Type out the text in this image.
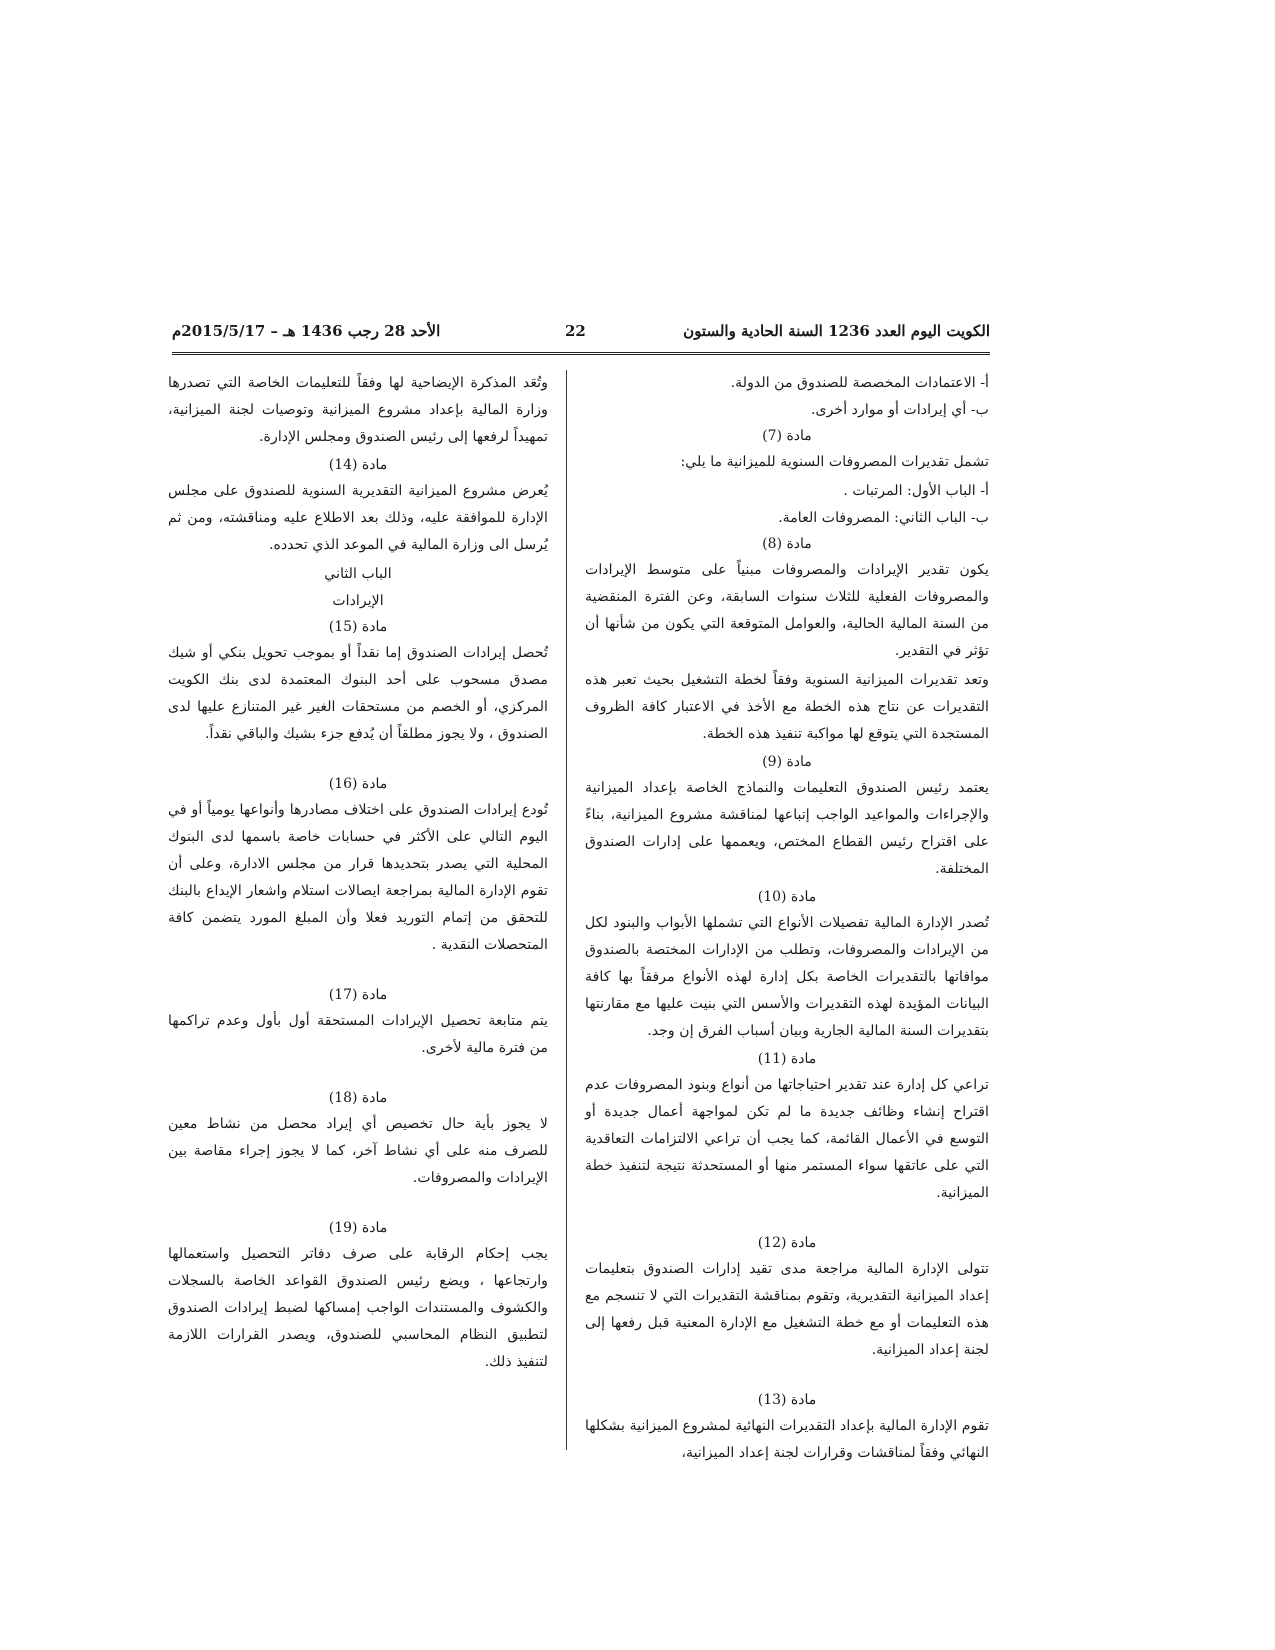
الكويت اليوم العدد 1236 السنة الحادية والستون
22
الأحد 28 رجب 1436 هـ – 2015/5/17م

أ- الاعتمادات المخصصة للصندوق من الدولة.

ب- أي إيرادات أو موارد أخرى.

مادة (7)

تشمل تقديرات المصروفات السنوية للميزانية ما يلي:

أ- الباب الأول: المرتبات .

ب- الباب الثاني: المصروفات العامة.

مادة (8)

يكون تقدير الإيرادات والمصروفات مبنياً على متوسط الإيرادات والمصروفات الفعلية للثلاث سنوات السابقة، وعن الفترة المنقضية من السنة المالية الحالية، والعوامل المتوقعة التي يكون من شأنها أن تؤثر في التقدير.

وتعد تقديرات الميزانية السنوية وفقاً لخطة التشغيل بحيث تعبر هذه التقديرات عن نتاج هذه الخطة مع الأخذ في الاعتبار كافة الظروف المستجدة التي يتوقع لها مواكبة تنفيذ هذه الخطة.

مادة (9)

يعتمد رئيس الصندوق التعليمات والنماذج الخاصة بإعداد الميزانية والإجراءات والمواعيد الواجب إتباعها لمناقشة مشروع الميزانية، بناءً على اقتراح رئيس القطاع المختص، ويعممها على إدارات الصندوق المختلفة.

مادة (10)

تُصدر الإدارة المالية تفصيلات الأنواع التي تشملها الأبواب والبنود لكل من الإيرادات والمصروفات، وتطلب من الإدارات المختصة بالصندوق موافاتها بالتقديرات الخاصة بكل إدارة لهذه الأنواع مرفقاً بها كافة البيانات المؤيدة لهذه التقديرات والأسس التي بنيت عليها مع مقارنتها بتقديرات السنة المالية الجارية وبيان أسباب الفرق إن وجد.

مادة (11)

تراعي كل إدارة عند تقدير احتياجاتها من أنواع وبنود المصروفات عدم اقتراح إنشاء وظائف جديدة ما لم تكن لمواجهة أعمال جديدة أو التوسع في الأعمال القائمة، كما يجب أن تراعي الالتزامات التعاقدية التي على عاتقها سواء المستمر منها أو المستحدثة نتيجة لتنفيذ خطة الميزانية.

مادة (12)

تتولى الإدارة المالية مراجعة مدى تقيد إدارات الصندوق بتعليمات إعداد الميزانية التقديرية، وتقوم بمناقشة التقديرات التي لا تنسجم مع هذه التعليمات أو مع خطة التشغيل مع الإدارة المعنية قبل رفعها إلى لجنة إعداد الميزانية.

مادة (13)

تقوم الإدارة المالية بإعداد التقديرات النهائية لمشروع الميزانية بشكلها النهائي وفقاً لمناقشات وقرارات لجنة إعداد الميزانية،

وتُعَد المذكرة الإيضاحية لها وفقاً للتعليمات الخاصة التي تصدرها وزارة المالية بإعداد مشروع الميزانية وتوصيات لجنة الميزانية، تمهيداً لرفعها إلى رئيس الصندوق ومجلس الإدارة.

مادة (14)

يُعرض مشروع الميزانية التقديرية السنوية للصندوق على مجلس الإدارة للموافقة عليه، وذلك بعد الاطلاع عليه ومناقشته، ومن ثم يُرسل الى وزارة المالية في الموعد الذي تحدده.

الباب الثاني

الإيرادات

مادة (15)

تُحصل إيرادات الصندوق إما نقداً أو بموجب تحويل بنكي أو شيك مصدق مسحوب على أحد البنوك المعتمدة لدى بنك الكويت المركزي، أو الخصم من مستحقات الغير غير المتنازع عليها لدى الصندوق ، ولا يجوز مطلقاً أن يُدفع جزء بشيك والباقي نقداً.

مادة (16)

تُودع إيرادات الصندوق على اختلاف مصادرها وأنواعها يومياً أو في اليوم التالي على الأكثر في حسابات خاصة باسمها لدى البنوك المحلية التي يصدر بتحديدها قرار من مجلس الادارة، وعلى أن تقوم الإدارة المالية بمراجعة ايصالات استلام واشعار الإيداع بالبنك للتحقق من إتمام التوريد فعلا وأن المبلغ المورد يتضمن كافة المتحصلات النقدية .

مادة (17)

يتم متابعة تحصيل الإيرادات المستحقة أول بأول وعدم تراكمها من فترة مالية لأخرى.

مادة (18)

لا يجوز بأية حال تخصيص أي إيراد محصل من نشاط معين للصرف منه على أي نشاط آخر، كما لا يجوز إجراء مقاصة بين الإيرادات والمصروفات.

مادة (19)

يجب إحكام الرقابة على صرف دفاتر التحصيل واستعمالها وارتجاعها ، ويضع رئيس الصندوق القواعد الخاصة بالسجلات والكشوف والمستندات الواجب إمساكها لضبط إيرادات الصندوق لتطبيق النظام المحاسبي للصندوق، ويصدر القرارات اللازمة لتنفيذ ذلك.
